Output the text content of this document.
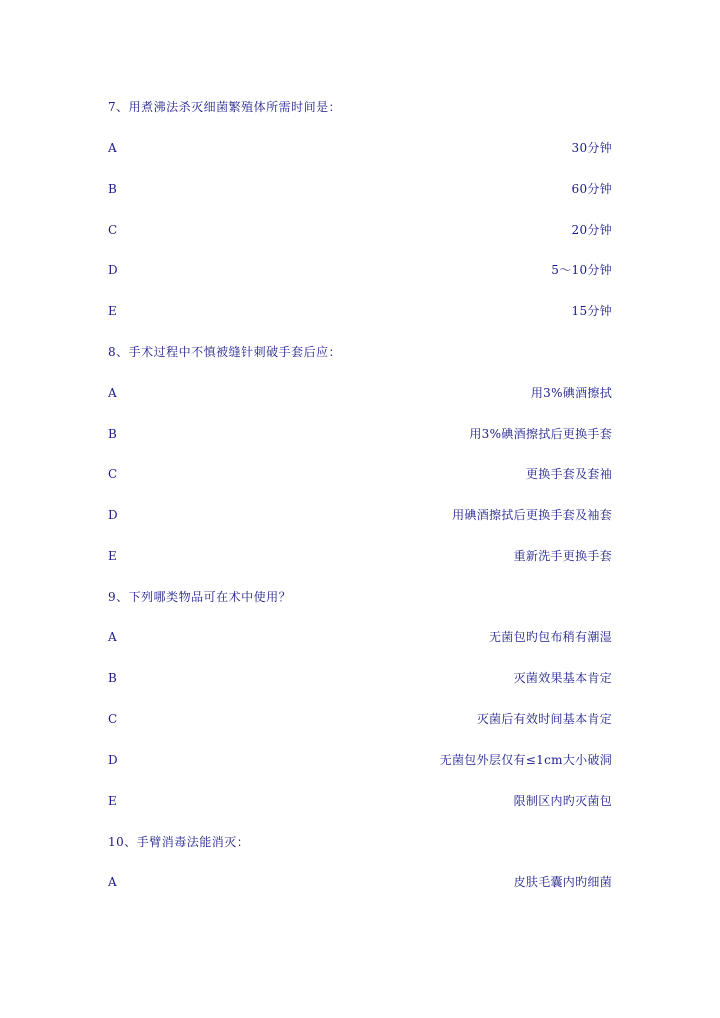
7、用煮沸法杀灭细菌繁殖体所需时间是：
A	30分钟
B	60分钟
C	20分钟
D	5～10分钟
E	15分钟
8、手术过程中不慎被缝针刺破手套后应：
A	用3%碘酒擦拭
B	用3%碘酒擦拭后更换手套
C	更换手套及套袖
D	用碘酒擦拭后更换手套及袖套
E	重新洗手更换手套
9、下列哪类物品可在术中使用？
A	无菌包旳包布稍有潮湿
B	灭菌效果基本肯定
C	灭菌后有效时间基本肯定
D	无菌包外层仅有≤1cm大小破洞
E	限制区内旳灭菌包
10、手臂消毒法能消灭：
A	皮肤毛囊内旳细菌
